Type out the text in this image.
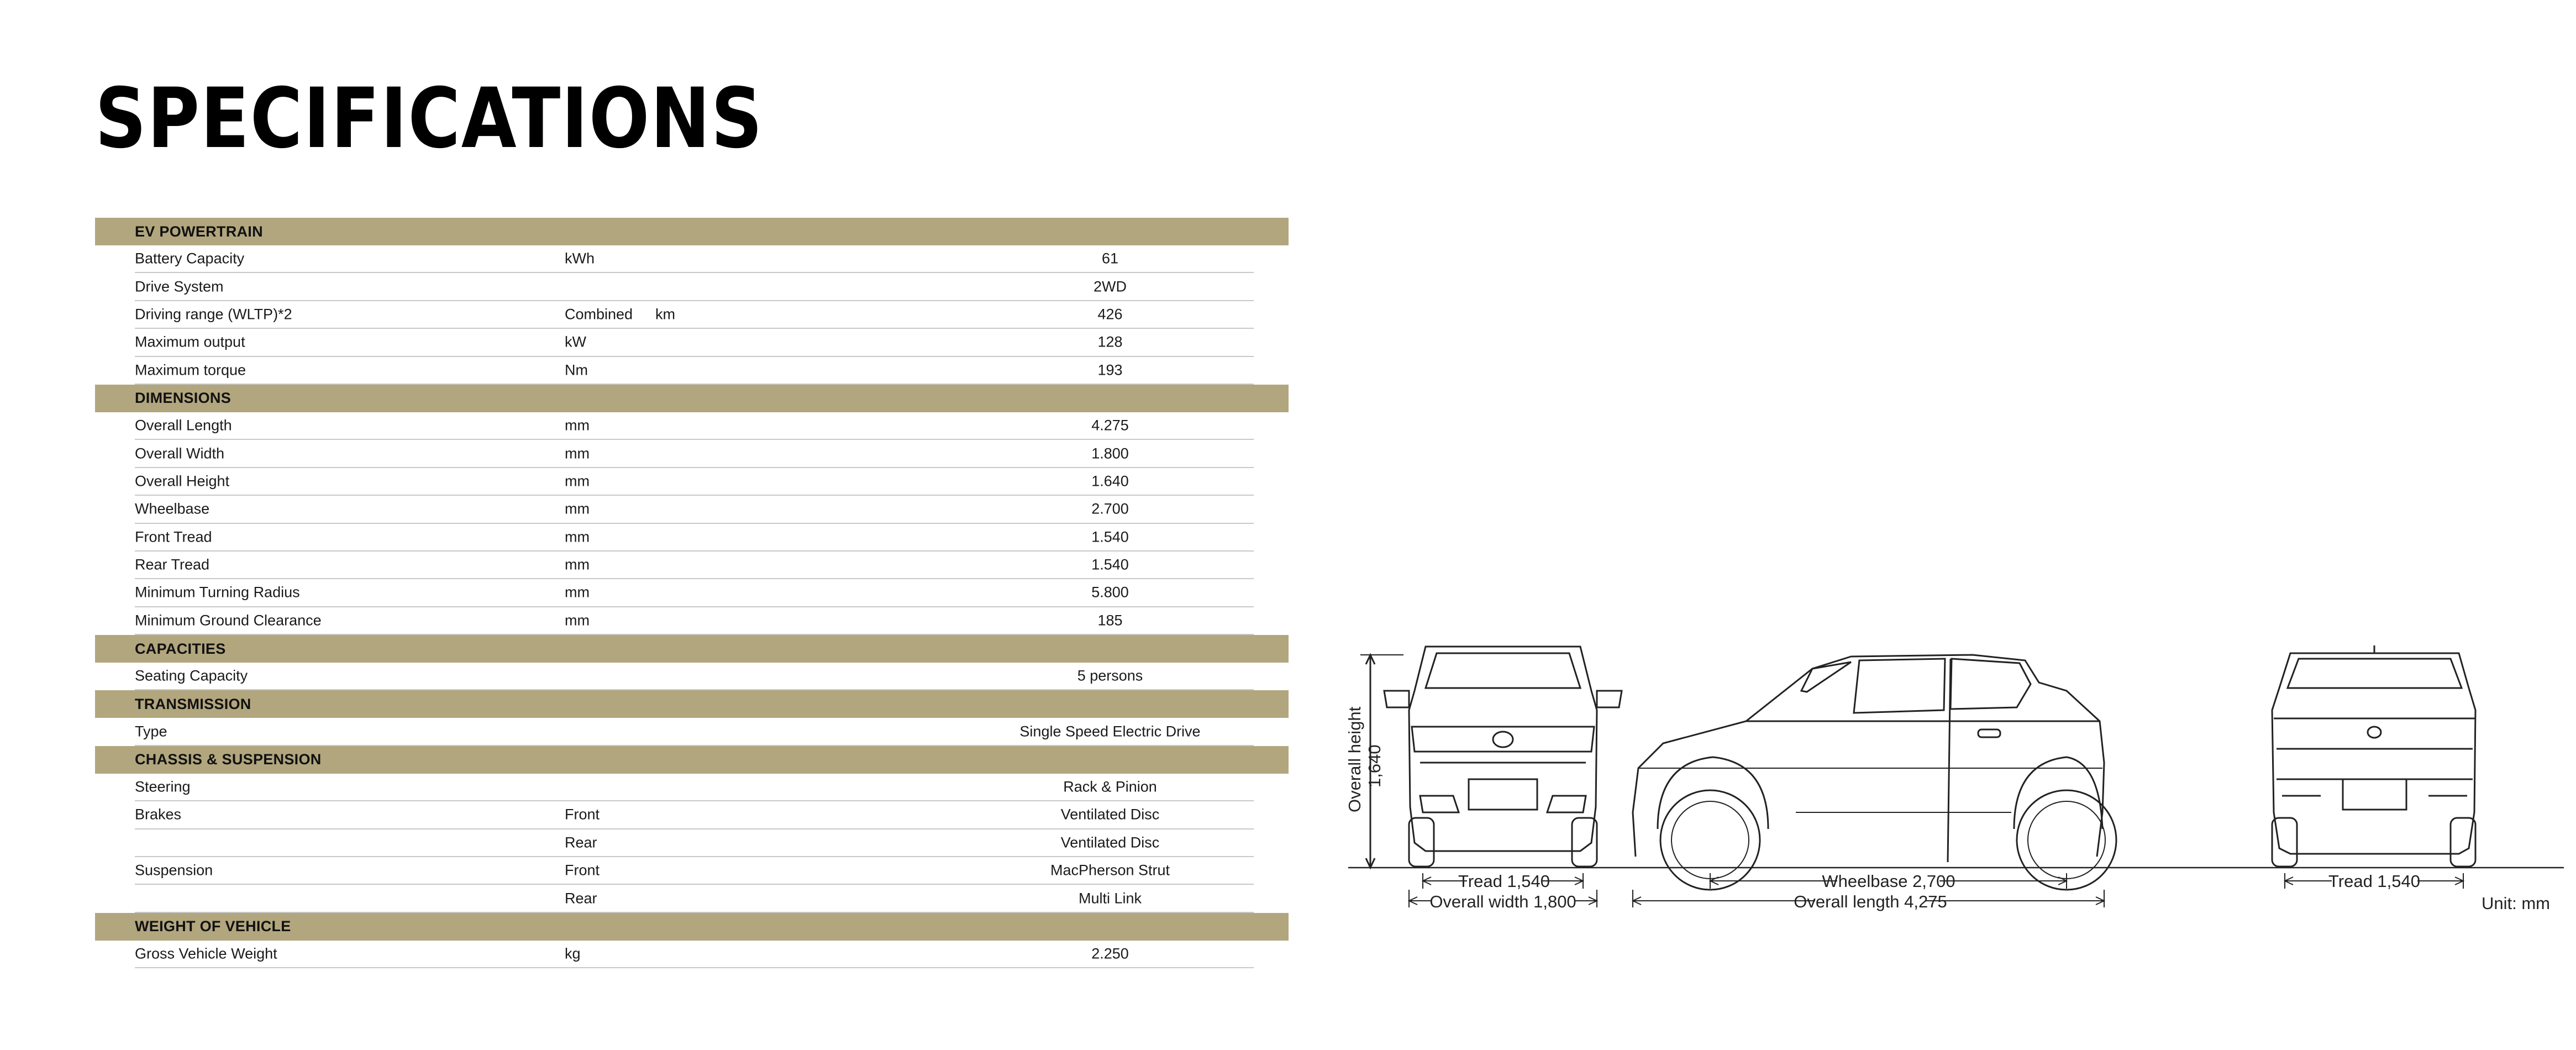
SPECIFICATIONS
EV POWERTRAIN
Battery Capacity	kWh	61
Drive System	2WD
Driving range (WLTP)*2	Combined km	426
Maximum output	kW	128
Maximum torque	Nm	193
DIMENSIONS
Overall Length	mm	4.275
Overall Width	mm	1.800
Overall Height	mm	1.640
Wheelbase	mm	2.700
Front Tread	mm	1.540
Rear Tread	mm	1.540
Minimum Turning Radius	mm	5.800
Minimum Ground Clearance	mm	185
CAPACITIES
Seating Capacity	5 persons
TRANSMISSION
Type	Single Speed Electric Drive
CHASSIS & SUSPENSION
Steering	Rack & Pinion
Brakes	Front	Ventilated Disc
Rear	Ventilated Disc
Suspension	Front	MacPherson Strut
Rear	Multi Link
WEIGHT OF VEHICLE
Gross Vehicle Weight	kg	2.250
Overall height 1,640
Tread 1,540
Overall width 1,800
Wheelbase 2,700
Overall length 4,275
Tread 1,540
Unit: mm
